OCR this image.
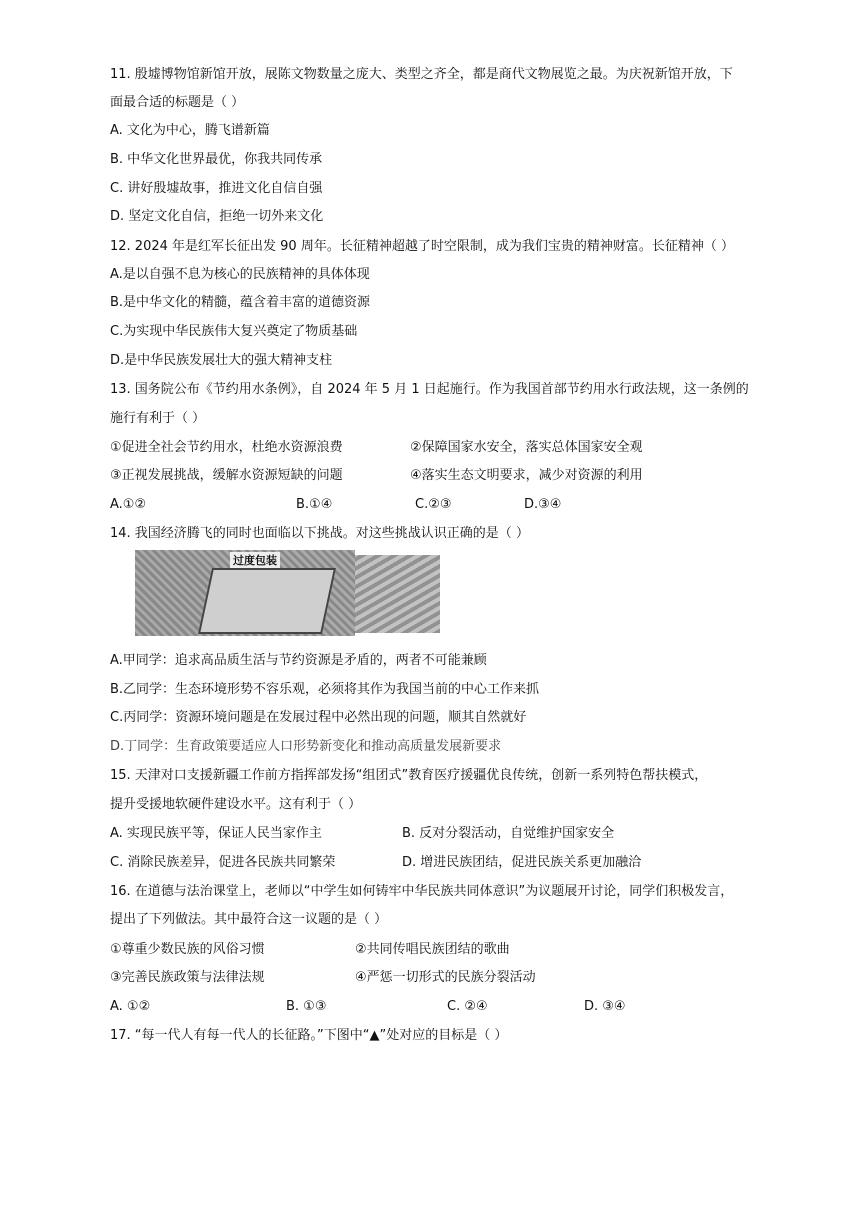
11. 殷墟博物馆新馆开放，展陈文物数量之庞大、类型之齐全，都是商代文物展览之最。为庆祝新馆开放，下
面最合适的标题是（ ）
A. 文化为中心，腾飞谱新篇
B. 中华文化世界最优，你我共同传承
C. 讲好殷墟故事，推进文化自信自强
D. 坚定文化自信，拒绝一切外来文化
12. 2024 年是红军长征出发 90 周年。长征精神超越了时空限制，成为我们宝贵的精神财富。长征精神（ ）
A.是以自强不息为核心的民族精神的具体体现
B.是中华文化的精髓，蕴含着丰富的道德资源
C.为实现中华民族伟大复兴奠定了物质基础
D.是中华民族发展壮大的强大精神支柱
13. 国务院公布《节约用水条例》，自 2024 年 5 月 1 日起施行。作为我国首部节约用水行政法规，这一条例的
施行有利于（ ）
①促进全社会节约用水，杜绝水资源浪费	②保障国家水安全，落实总体国家安全观
③正视发展挑战，缓解水资源短缺的问题	④落实生态文明要求，减少对资源的利用
A.①②	B.①④	C.②③	D.③④
14. 我国经济腾飞的同时也面临以下挑战。对这些挑战认识正确的是（ ）
过度包装
A.甲同学：追求高品质生活与节约资源是矛盾的，两者不可能兼顾
B.乙同学：生态环境形势不容乐观，必须将其作为我国当前的中心工作来抓
C.丙同学：资源环境问题是在发展过程中必然出现的问题，顺其自然就好
D.丁同学：生育政策要适应人口形势新变化和推动高质量发展新要求
15. 天津对口支援新疆工作前方指挥部发扬“组团式”教育医疗援疆优良传统，创新一系列特色帮扶模式，
提升受援地软硬件建设水平。这有利于（ ）
A. 实现民族平等，保证人民当家作主	B. 反对分裂活动，自觉维护国家安全
C. 消除民族差异，促进各民族共同繁荣	D. 增进民族团结，促进民族关系更加融洽
16. 在道德与法治课堂上，老师以“中学生如何铸牢中华民族共同体意识”为议题展开讨论，同学们积极发言，
提出了下列做法。其中最符合这一议题的是（ ）
①尊重少数民族的风俗习惯	②共同传唱民族团结的歌曲
③完善民族政策与法律法规	④严惩一切形式的民族分裂活动
A. ①②	B. ①③	C. ②④	D. ③④
17. “每一代人有每一代人的长征路。”下图中“▲”处对应的目标是（ ）
